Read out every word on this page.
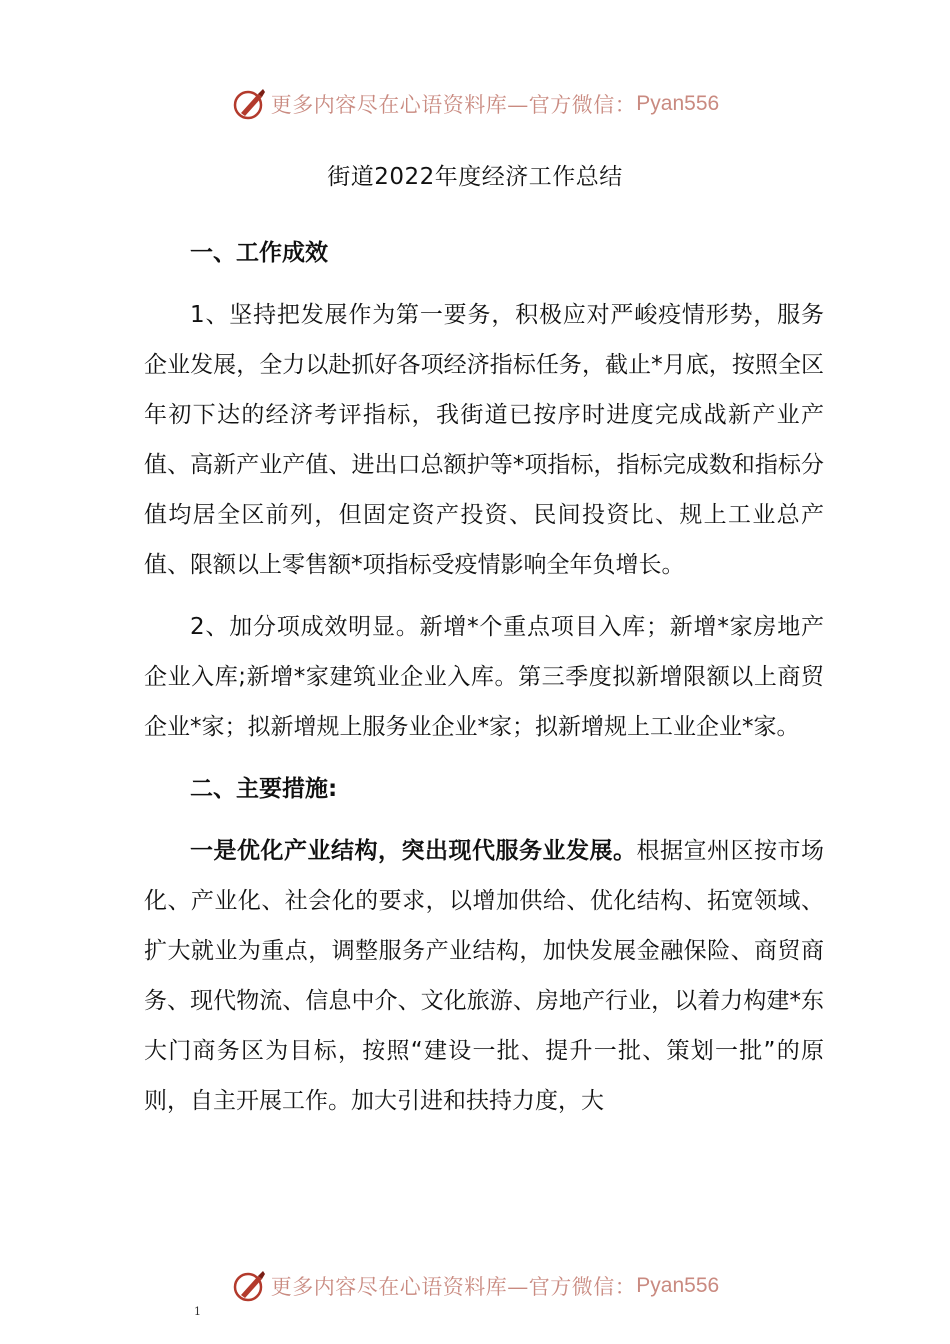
更多内容尽在心语资料库—官方微信： Pyan556
街道2022年度经济工作总结
一、工作成效

1、坚持把发展作为第一要务，积极应对严峻疫情形势，服务企业发展，全力以赴抓好各项经济指标任务，截止*月底，按照全区年初下达的经济考评指标，我街道已按序时进度完成战新产业产值、高新产业产值、进出口总额护等*项指标，指标完成数和指标分值均居全区前列，但固定资产投资、民间投资比、规上工业总产值、限额以上零售额*项指标受疫情影响全年负增长。

2、加分项成效明显。新增*个重点项目入库；新增*家房地产企业入库;新增*家建筑业企业入库。第三季度拟新增限额以上商贸企业*家；拟新增规上服务业企业*家；拟新增规上工业企业*家。

二、主要措施:

一是优化产业结构，突出现代服务业发展。根据宣州区按市场化、产业化、社会化的要求，以增加供给、优化结构、拓宽领域、扩大就业为重点，调整服务产业结构，加快发展金融保险、商贸商务、现代物流、信息中介、文化旅游、房地产行业，以着力构建*东大门商务区为目标，按照“建设一批、提升一批、策划一批”的原则，自主开展工作。加大引进和扶持力度，大

更多内容尽在心语资料库—官方微信： Pyan556
1
